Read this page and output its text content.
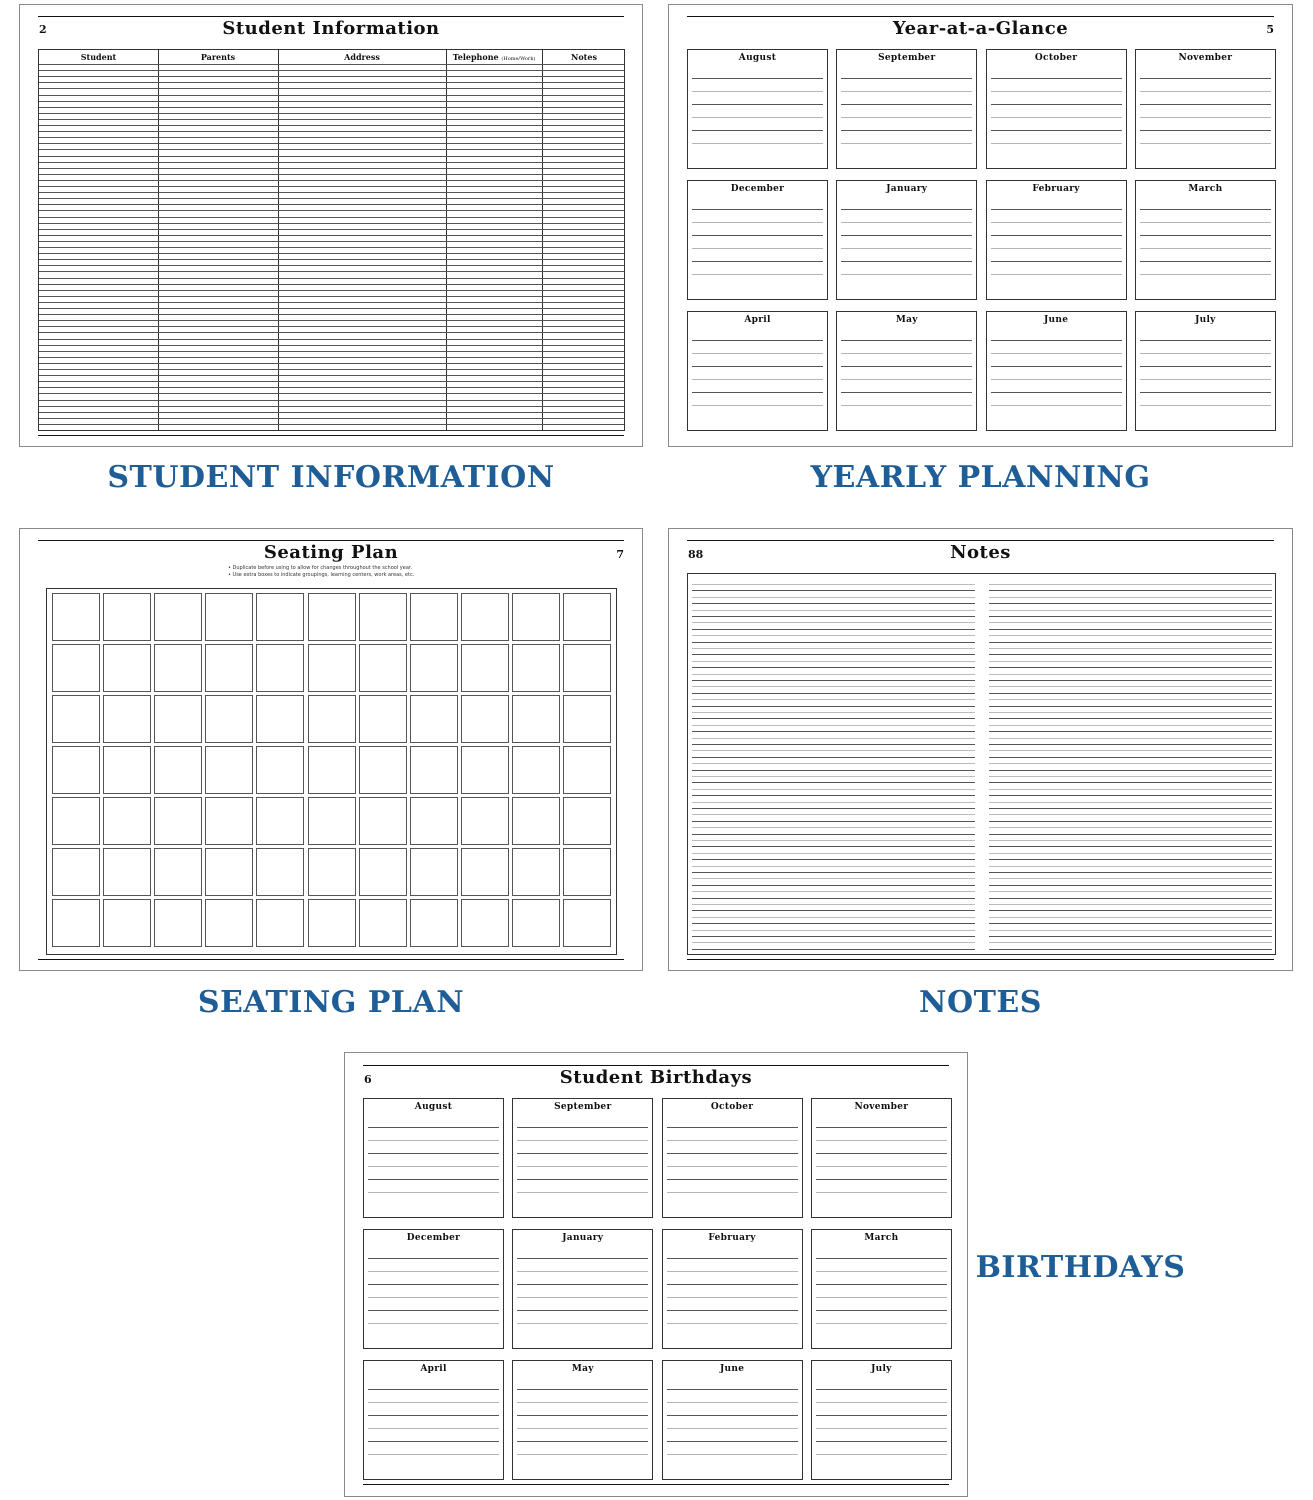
2	Student Information
Student	Parents	Address	Telephone (Home/Work)	Notes
STUDENT INFORMATION
5
Year-at-a-Glance
August	September	October	November
December	January	February	March
April	May	June	July
YEARLY PLANNING
7
Seating Plan
• Duplicate before using to allow for changes throughout the school year.
• Use extra boxes to indicate groupings, learning centers, work areas, etc.
SEATING PLAN
88	Notes
NOTES
6	Student Birthdays
August	September	October	November
December	January	February	March
April	May	June	July
BIRTHDAYS
